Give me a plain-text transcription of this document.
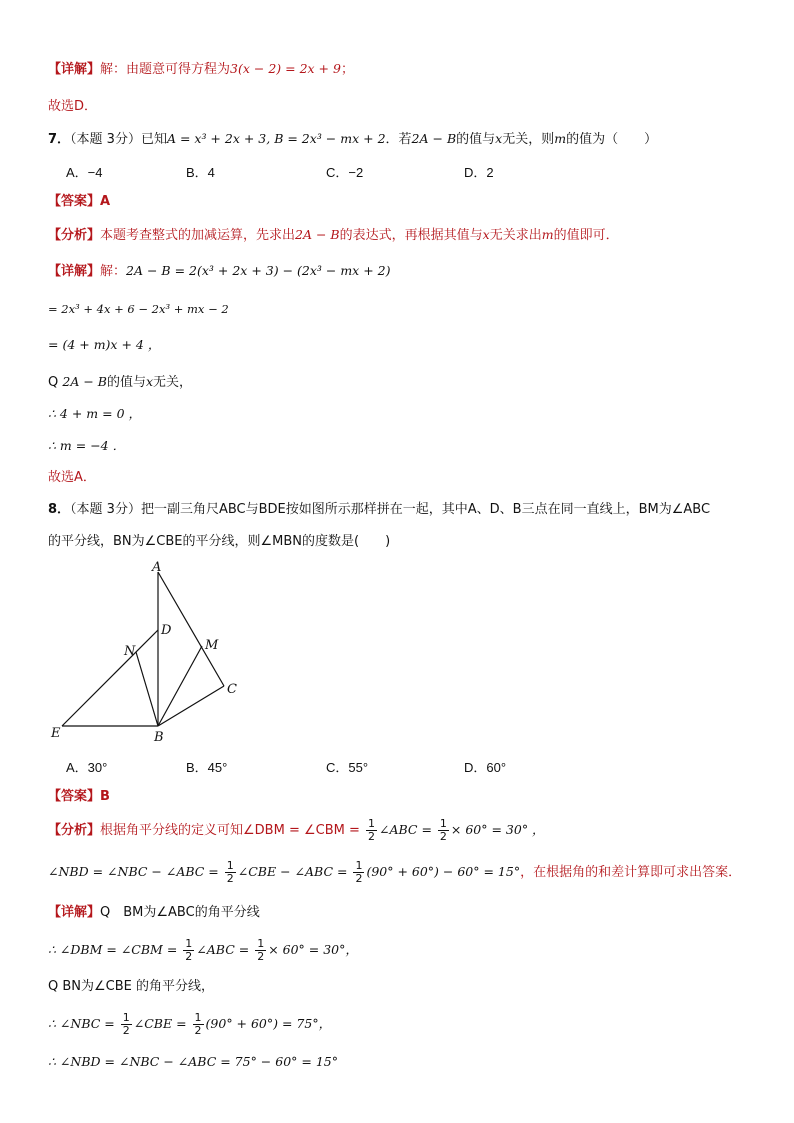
【详解】解：由题意可得方程为3(x − 2) = 2x + 9；
故选D．
7．（本题 3分）已知A = x³ + 2x + 3, B = 2x³ − mx + 2．若2A − B的值与x无关，则m的值为（　　）
A．−4	B．4	C．−2	D．2
【答案】A
【分析】本题考查整式的加减运算，先求出2A − B的表达式，再根据其值与x无关求出m的值即可．
【详解】解：2A − B = 2(x³ + 2x + 3) − (2x³ − mx + 2)
= 2x³ + 4x + 6 − 2x³ + mx − 2
= (4 + m)x + 4 ，
Q 2A − B的值与x无关，
∴ 4 + m = 0 ，
∴ m = −4 ．
故选A．
8．（本题 3分）把一副三角尺ABC与BDE按如图所示那样拼在一起，其中A、D、B三点在同一直线上，BM为∠ABC
的平分线，BN为∠CBE的平分线，则∠MBN的度数是(　　)
A
D
N	M
C
E	B
A．30°	B．45°	C．55°	D．60°
【答案】B
【分析】根据角平分线的定义可知∠DBM = ∠CBM = $\frac{1}{2}$ ∠ABC = $\frac{1}{2} \times 60^\circ = 30^\circ$ ，
∠NBD = ∠NBC − ∠ABC = $\frac{1}{2}$ ∠CBE − ∠ABC = $\frac{1}{2} (90^\circ + 60^\circ) - 60^\circ = 15^\circ$，在根据角的和差计算即可求出答案．
【详解】Q　BM为∠ABC的角平分线
∴ ∠DBM = ∠CBM = $\frac{1}{2}$ ∠ABC = $\frac{1}{2} \times 60^\circ = 30^\circ$，
Q BN为∠CBE 的角平分线，
∴ ∠NBC = $\frac{1}{2}$ ∠CBE = $\frac{1}{2} (90^\circ + 60^\circ) = 75^\circ$，
∴ ∠NBD = ∠NBC − ∠ABC = 75° − 60° = 15°
